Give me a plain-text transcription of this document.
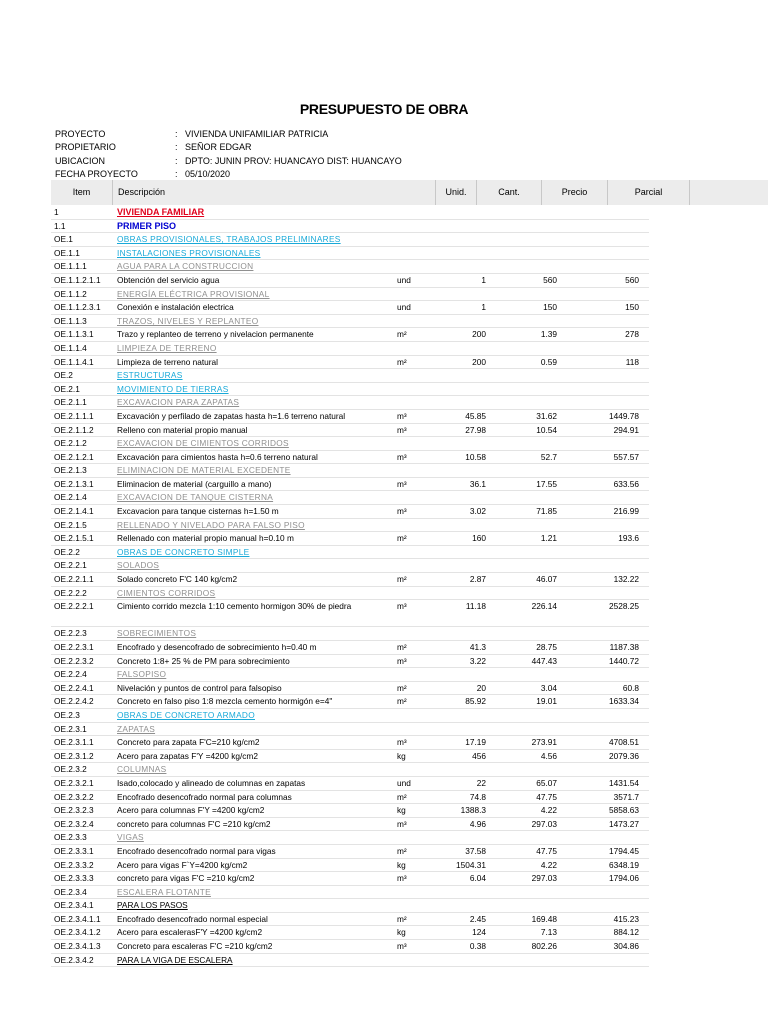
PRESUPUESTO DE OBRA
PROYECTO	: VIVIENDA UNIFAMILIAR PATRICIA
PROPIETARIO	: SEÑOR EDGAR
UBICACION	: DPTO: JUNIN PROV: HUANCAYO DIST: HUANCAYO
FECHA PROYECTO	: 05/10/2020
Item	Descripción	Unid.	Cant.	Precio	Parcial
1	VIVIENDA FAMILIAR
1.1	PRIMER PISO
OE.1	OBRAS PROVISIONALES, TRABAJOS PRELIMINARES
OE.1.1	INSTALACIONES PROVISIONALES
OE.1.1.1	AGUA PARA LA CONSTRUCCION
OE.1.1.2.1.1 Obtención del servicio agua	und	1	560	560
OE.1.1.2	ENERGÍA ELÉCTRICA PROVISIONAL
OE.1.1.2.3.1 Conexión e instalación electrica	und	1	150	150
OE.1.1.3	TRAZOS, NIVELES Y REPLANTEO
OE.1.1.3.1	Trazo y replanteo de terreno y nivelacion permanente	m²	200	1.39	278
OE.1.1.4	LIMPIEZA DE TERRENO
OE.1.1.4.1	Limpieza de terreno natural	m²	200	0.59	118
OE.2	ESTRUCTURAS
OE.2.1	MOVIMIENTO DE TIERRAS
OE.2.1.1	EXCAVACION PARA ZAPATAS
OE.2.1.1.1	Excavación y perfilado de zapatas hasta h=1.6 terreno natural	m³	45.85	31.62	1449.78
OE.2.1.1.2	Relleno con material propio manual	m³	27.98	10.54	294.91
OE.2.1.2	EXCAVACION DE CIMIENTOS CORRIDOS
OE.2.1.2.1	Excavación para cimientos hasta h=0.6 terreno natural	m³	10.58	52.7	557.57
OE.2.1.3	ELIMINACION DE MATERIAL EXCEDENTE
OE.2.1.3.1	Eliminacion de material (carguillo a mano)	m³	36.1	17.55	633.56
OE.2.1.4	EXCAVACION DE TANQUE CISTERNA
OE.2.1.4.1	Excavacion para tanque cisternas h=1.50 m	m³	3.02	71.85	216.99
OE.2.1.5	RELLENADO Y NIVELADO PARA FALSO PISO
OE.2.1.5.1	Rellenado con material propio manual h=0.10 m	m²	160	1.21	193.6
OE.2.2	OBRAS DE CONCRETO SIMPLE
OE.2.2.1	SOLADOS
OE.2.2.1.1	Solado concreto F'C 140 kg/cm2	m²	2.87	46.07	132.22
OE.2.2.2	CIMIENTOS CORRIDOS
OE.2.2.2.1	Cimiento corrido mezcla 1:10 cemento hormigon 30% de piedra	m³	11.18	226.14	2528.25
OE.2.2.3	SOBRECIMIENTOS
OE.2.2.3.1	Encofrado y desencofrado de sobrecimiento h=0.40 m	m²	41.3	28.75	1187.38
OE.2.2.3.2	Concreto 1:8+ 25 % de PM para sobrecimiento	m³	3.22	447.43	1440.72
OE.2.2.4	FALSOPISO
OE.2.2.4.1	Nivelación y puntos de control para falsopiso	m²	20	3.04	60.8
OE.2.2.4.2	Concreto en falso piso 1:8 mezcla cemento hormigón e=4"	m²	85.92	19.01	1633.34
OE.2.3	OBRAS DE CONCRETO ARMADO
OE.2.3.1	ZAPATAS
OE.2.3.1.1	Concreto para zapata F'C=210 kg/cm2	m³	17.19	273.91	4708.51
OE.2.3.1.2	Acero para zapatas F'Y =4200 kg/cm2	kg	456	4.56	2079.36
OE.2.3.2	COLUMNAS
OE.2.3.2.1	Isado,colocado y alineado de columnas en zapatas	und	22	65.07	1431.54
OE.2.3.2.2	Encofrado desencofrado normal para columnas	m²	74.8	47.75	3571.7
OE.2.3.2.3	Acero para columnas F'Y =4200 kg/cm2	kg	1388.3	4.22	5858.63
OE.2.3.2.4	concreto para columnas F'C =210 kg/cm2	m³	4.96	297.03	1473.27
OE.2.3.3	VIGAS
OE.2.3.3.1	Encofrado desencofrado normal para vigas	m²	37.58	47.75	1794.45
OE.2.3.3.2	Acero para vigas F`Y=4200 kg/cm2	kg	1504.31	4.22	6348.19
OE.2.3.3.3	concreto para vigas F'C =210 kg/cm2	m³	6.04	297.03	1794.06
OE.2.3.4	ESCALERA FLOTANTE
OE.2.3.4.1	PARA LOS PASOS
OE.2.3.4.1.1 Encofrado desencofrado normal especial	m²	2.45	169.48	415.23
OE.2.3.4.1.2 Acero para escalerasF'Y =4200 kg/cm2	kg	124	7.13	884.12
OE.2.3.4.1.3 Concreto para escaleras F'C =210 kg/cm2	m³	0.38	802.26	304.86
OE.2.3.4.2	PARA LA VIGA DE ESCALERA
